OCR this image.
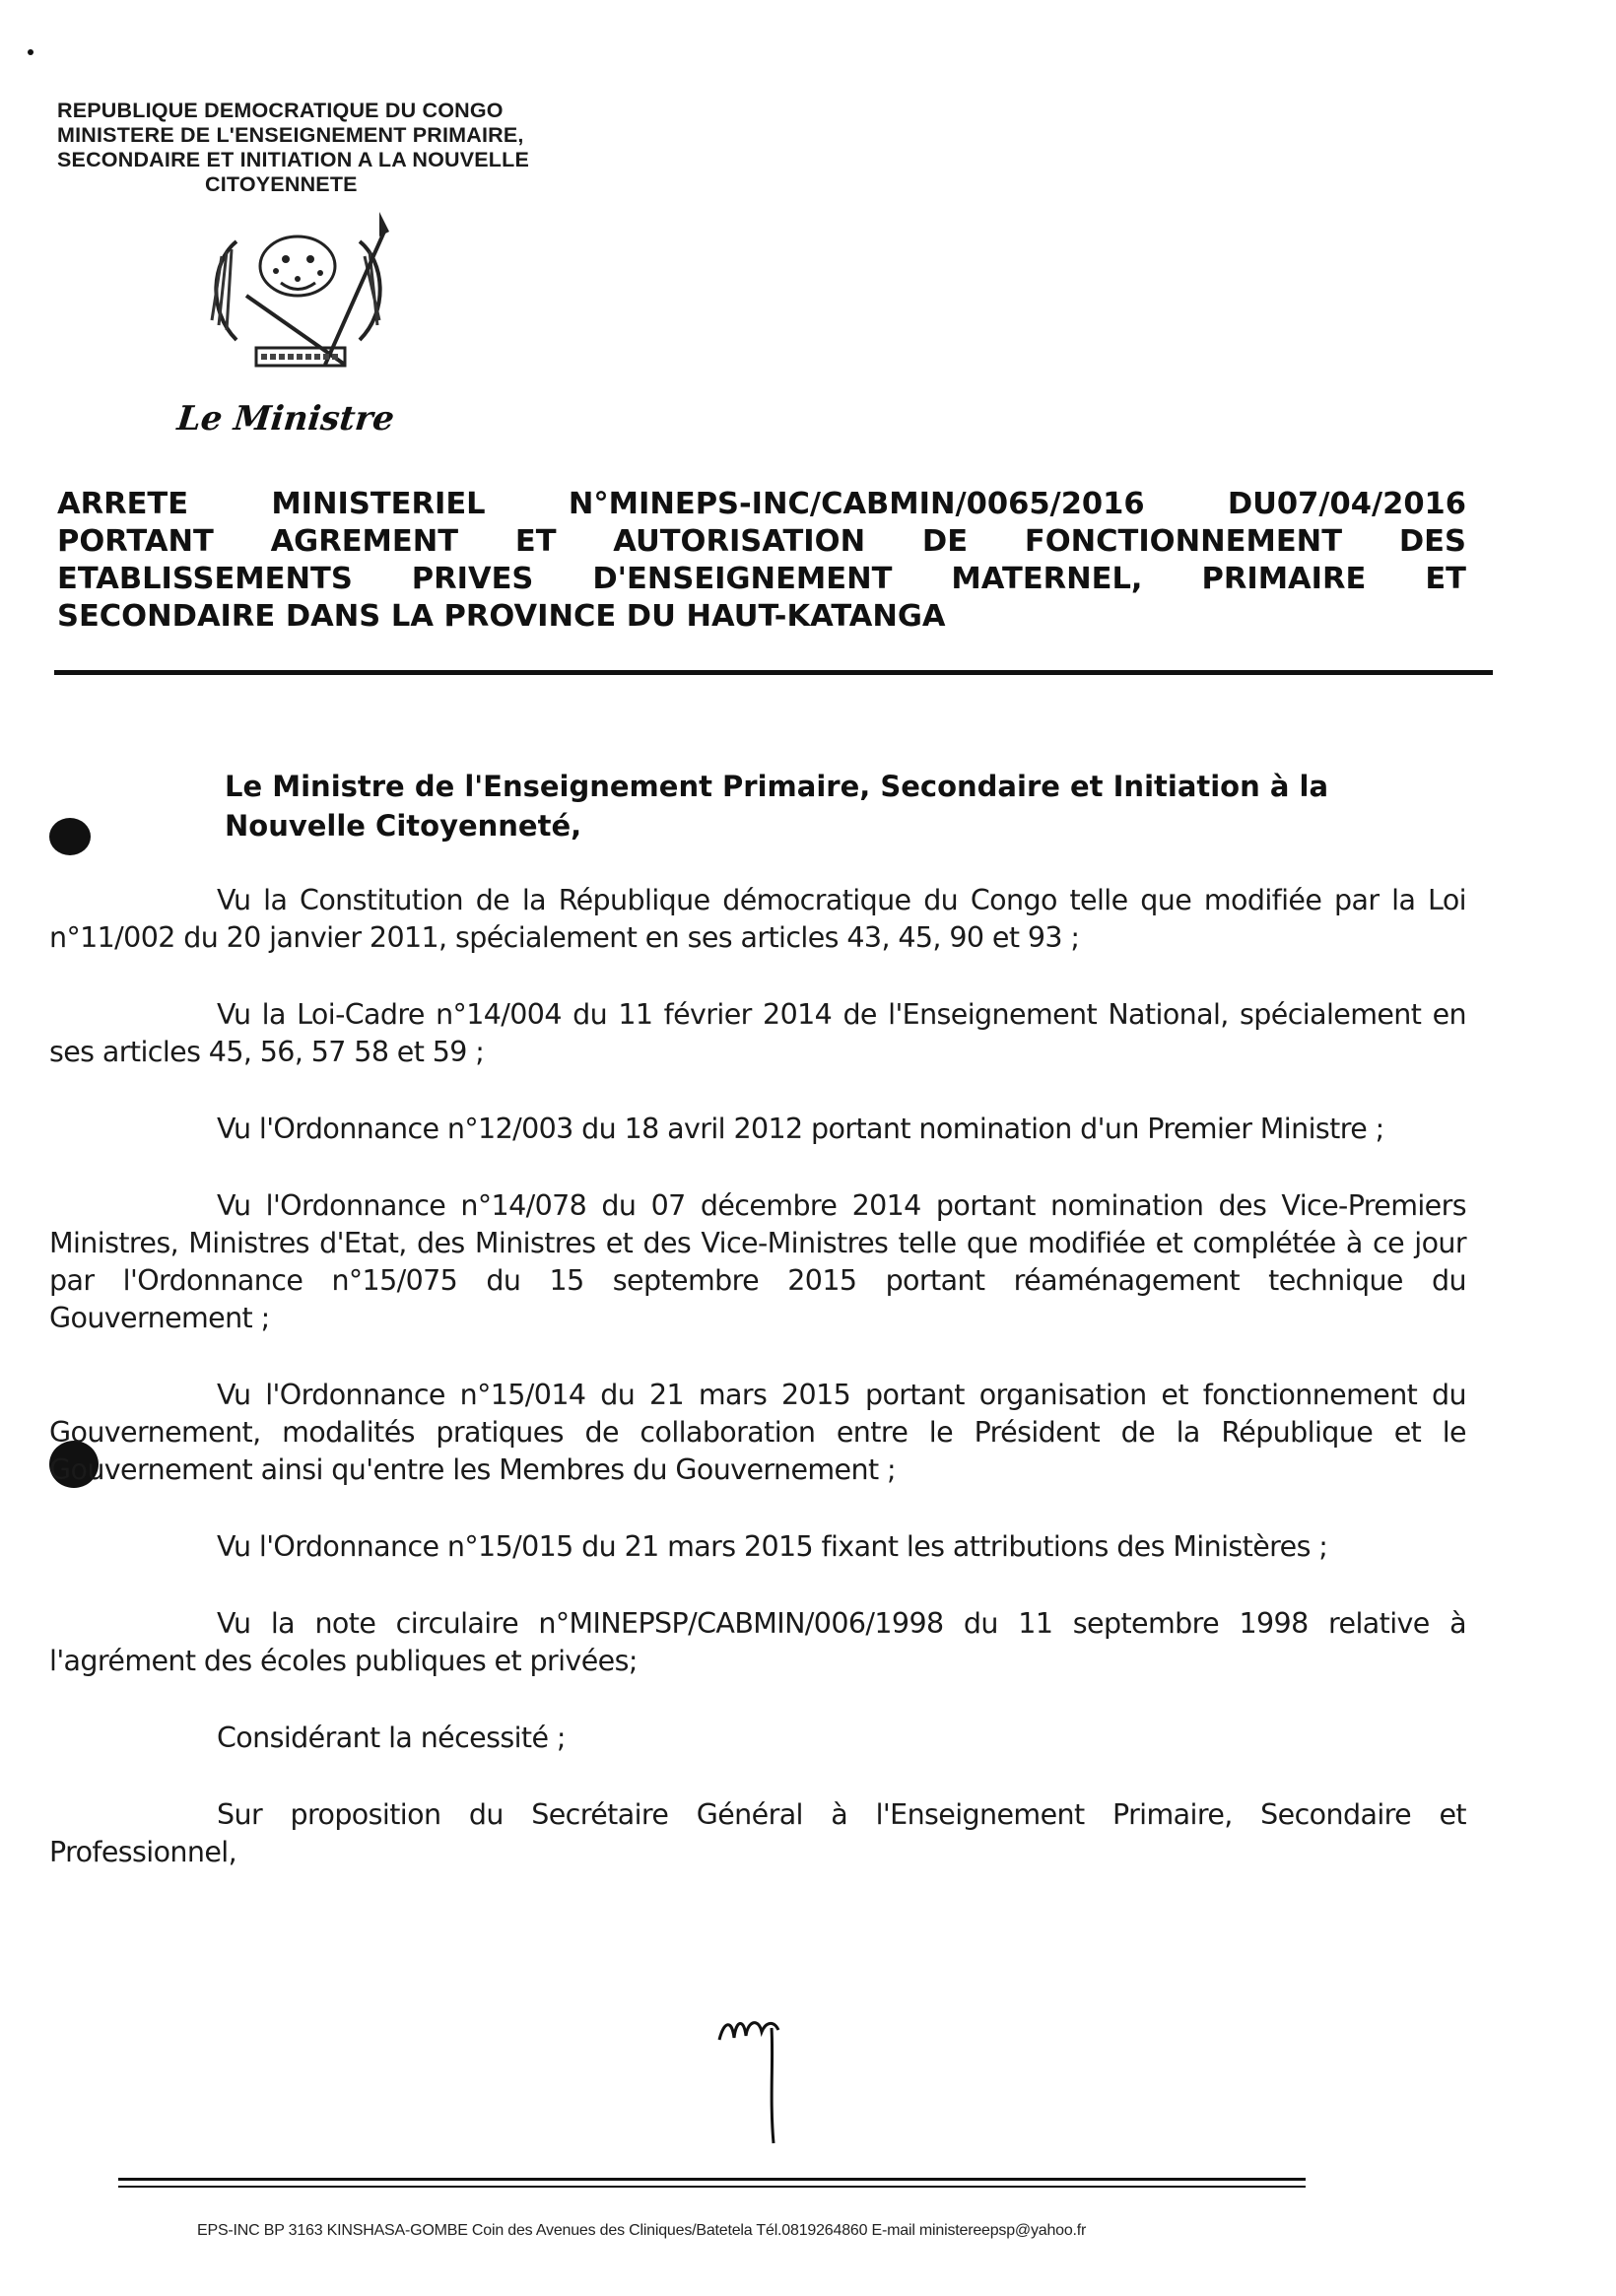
REPUBLIQUE DEMOCRATIQUE DU CONGO
MINISTERE DE L'ENSEIGNEMENT PRIMAIRE,
SECONDAIRE ET INITIATION A LA NOUVELLE
CITOYENNETE
Le Ministre
ARRETE	MINISTERIEL	N°MINEPS-INC/CABMIN/0065/2016	DU07/04/2016
PORTANT AGREMENT ET AUTORISATION DE FONCTIONNEMENT DES
ETABLISSEMENTS PRIVES D'ENSEIGNEMENT MATERNEL, PRIMAIRE ET
SECONDAIRE DANS LA PROVINCE DU HAUT-KATANGA
Le Ministre de l'Enseignement Primaire, Secondaire et Initiation à la Nouvelle Citoyenneté,

Vu la Constitution de la République démocratique du Congo telle que modifiée par la Loi n°11/002 du 20 janvier 2011, spécialement en ses articles 43, 45, 90 et 93 ;

Vu la Loi-Cadre n°14/004 du 11 février 2014 de l'Enseignement National, spécialement en ses articles 45, 56, 57 58 et 59 ;

Vu l'Ordonnance n°12/003 du 18 avril 2012 portant nomination d'un Premier Ministre ;

Vu l'Ordonnance n°14/078 du 07 décembre 2014 portant nomination des Vice-Premiers Ministres, Ministres d'Etat, des Ministres et des Vice-Ministres telle que modifiée et complétée à ce jour par l'Ordonnance n°15/075 du 15 septembre 2015 portant réaménagement technique du Gouvernement ;

Vu l'Ordonnance n°15/014 du 21 mars 2015 portant organisation et fonctionnement du Gouvernement, modalités pratiques de collaboration entre le Président de la République et le Gouvernement ainsi qu'entre les Membres du Gouvernement ;

Vu l'Ordonnance n°15/015 du 21 mars 2015 fixant les attributions des Ministères ;

Vu la note circulaire n°MINEPSP/CABMIN/006/1998 du 11 septembre 1998 relative à l'agrément des écoles publiques et privées;

Considérant la nécessité ;

Sur proposition du Secrétaire Général à l'Enseignement Primaire, Secondaire et Professionnel,

EPS-INC BP 3163 KINSHASA-GOMBE Coin des Avenues des Cliniques/Batetela Tél.0819264860 E-mail ministereepsp@yahoo.fr
